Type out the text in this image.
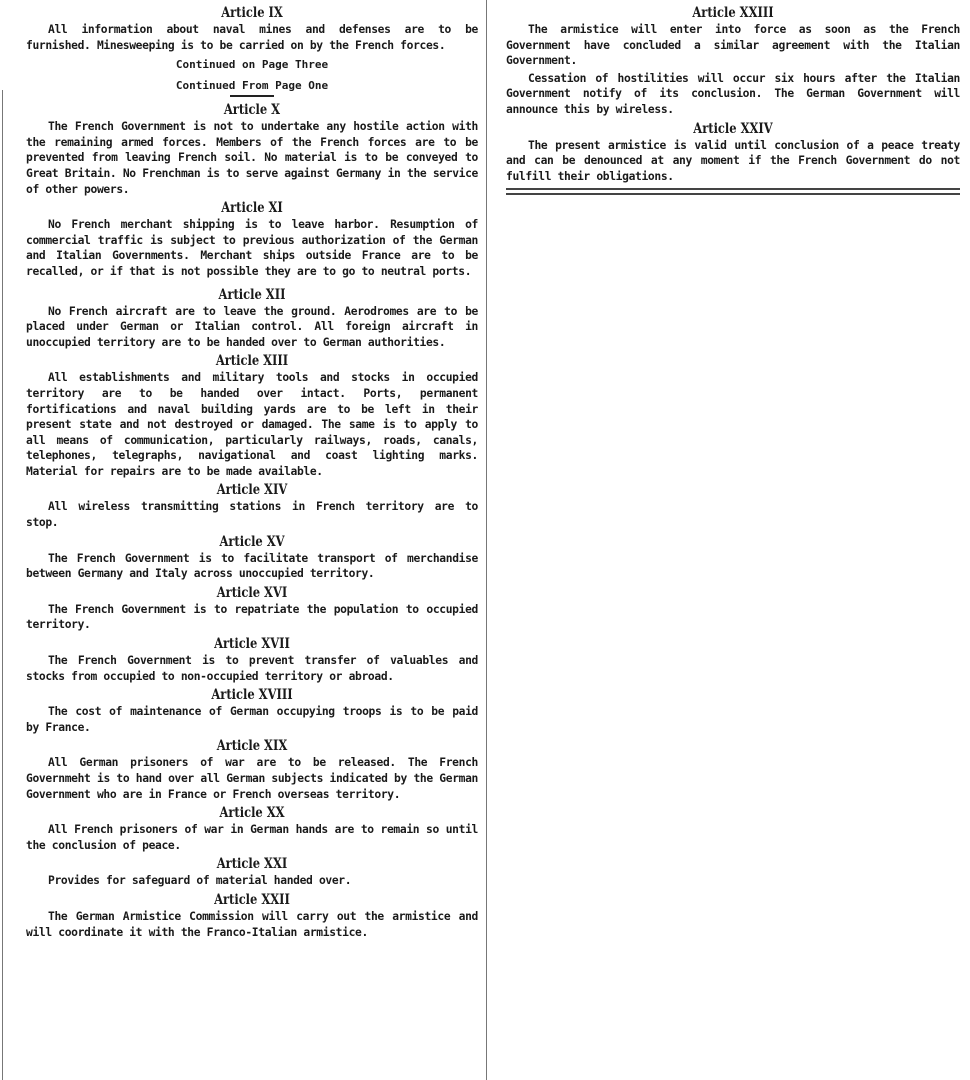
Article IX

All information about naval mines and defenses are to be furnished. Minesweeping is to be carried on by the French forces.

Continued on Page Three

Continued From Page One

Article X

The French Government is not to undertake any hostile action with the remaining armed forces. Members of the French forces are to be prevented from leaving French soil. No material is to be conveyed to Great Britain. No Frenchman is to serve against Germany in the service of other powers.

Article XI

No French merchant shipping is to leave harbor. Resumption of commercial traffic is subject to previous authorization of the German and Italian Governments. Merchant ships outside France are to be recalled, or if that is not possible they are to go to neutral ports.

Article XII

No French aircraft are to leave the ground. Aerodromes are to be placed under German or Italian control. All foreign aircraft in unoccupied territory are to be handed over to German authorities.

Article XIII

All establishments and military tools and stocks in occupied territory are to be handed over intact. Ports, permanent fortifications and naval building yards are to be left in their present state and not destroyed or damaged. The same is to apply to all means of communication, particularly railways, roads, canals, telephones, telegraphs, navigational and coast lighting marks. Material for repairs are to be made available.

Article XIV

All wireless transmitting stations in French territory are to stop.

Article XV

The French Government is to facilitate transport of merchandise between Germany and Italy across unoccupied territory.

Article XVI

The French Government is to repatriate the population to occupied territory.

Article XVII

The French Government is to prevent transfer of valuables and stocks from occupied to non-occupied territory or abroad.

Article XVIII

The cost of maintenance of German occupying troops is to be paid by France.

Article XIX

All German prisoners of war are to be released. The French Governmeht is to hand over all German subjects indicated by the German Government who are in France or French overseas territory.

Article XX

All French prisoners of war in German hands are to remain so until the conclusion of peace.

Article XXI

Provides for safeguard of material handed over.

Article XXII

The German Armistice Commission will carry out the armistice and will coordinate it with the Franco-Italian armistice.

Article XXIII

The armistice will enter into force as soon as the French Government have concluded a similar agreement with the Italian Government.

Cessation of hostilities will occur six hours after the Italian Government notify of its conclusion. The German Government will announce this by wireless.

Article XXIV

The present armistice is valid until conclusion of a peace treaty and can be denounced at any moment if the French Government do not fulfill their obligations.
